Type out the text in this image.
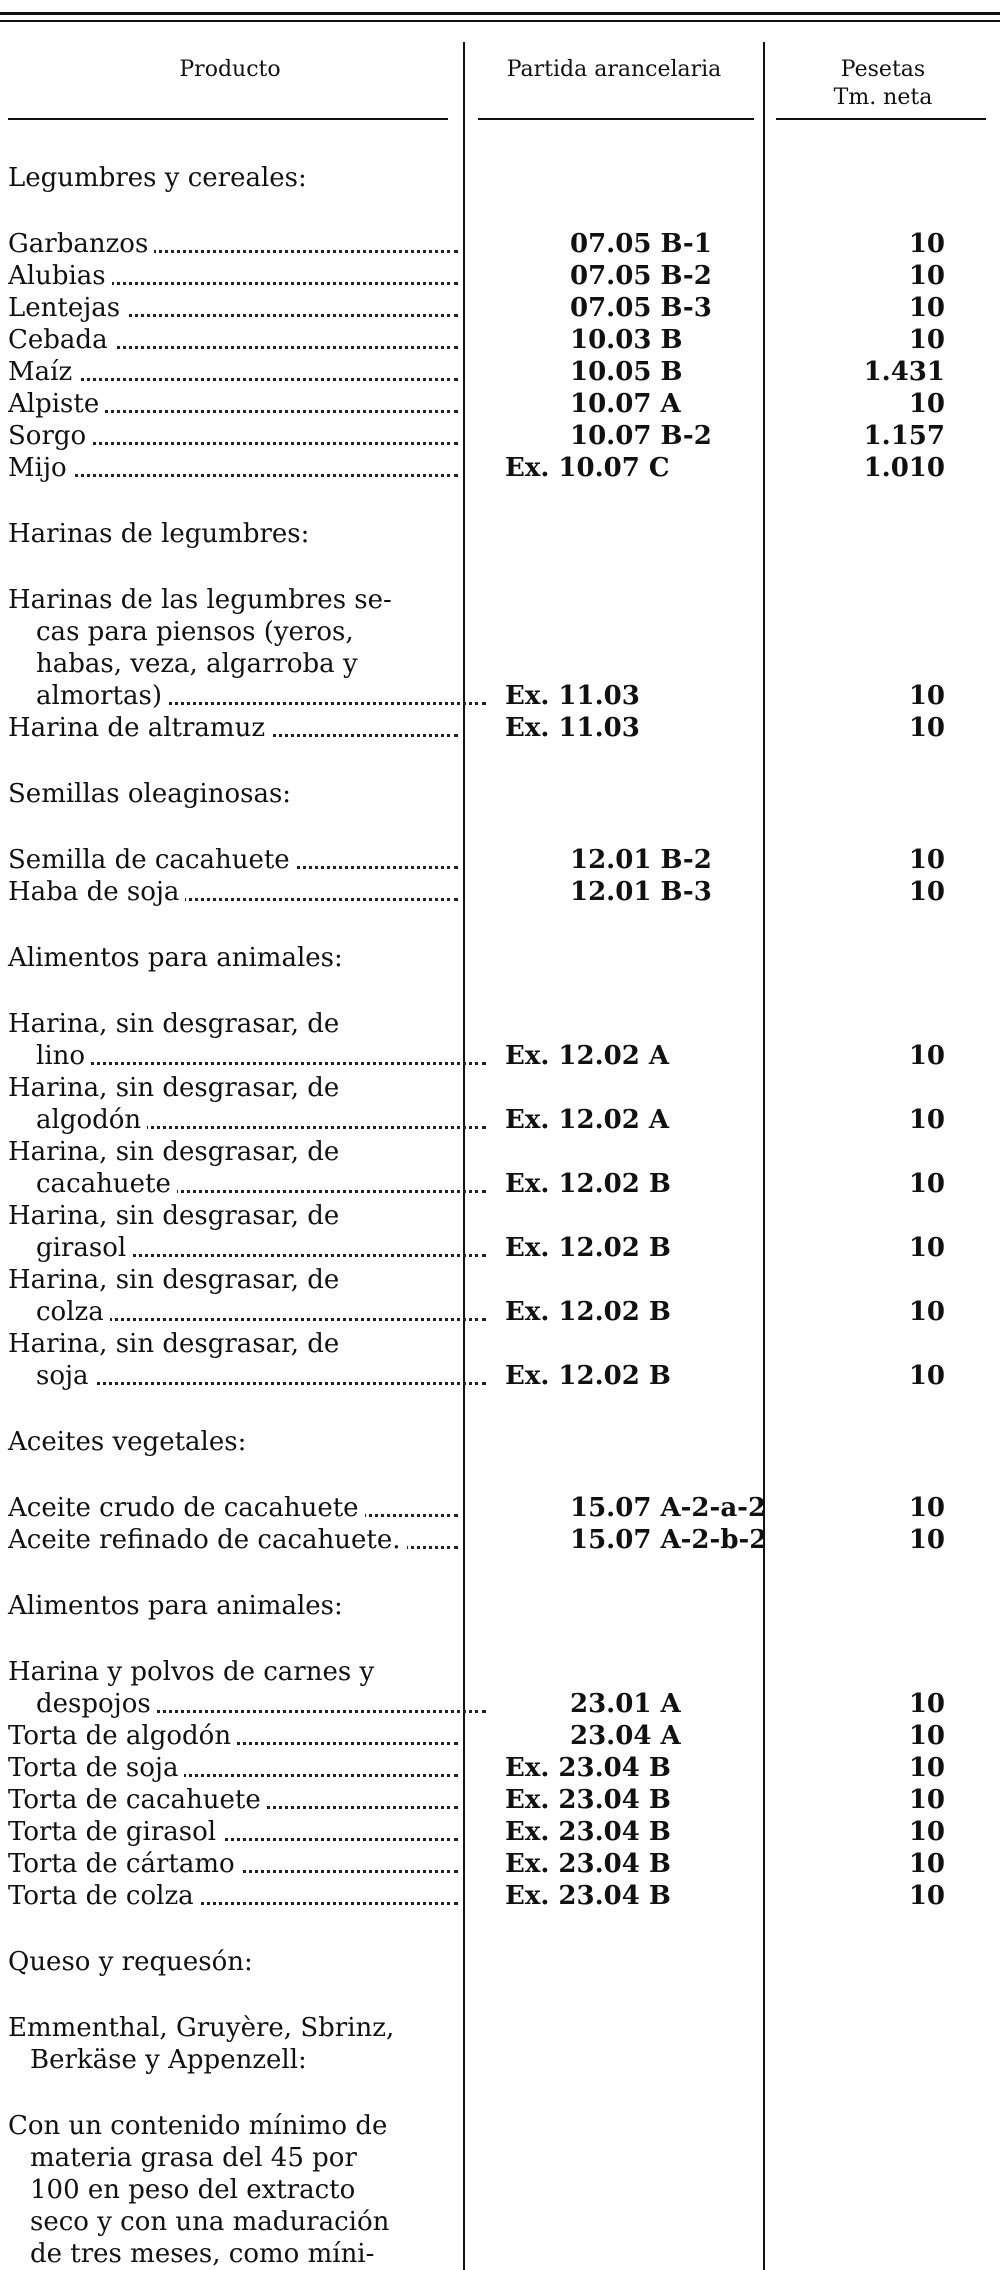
Producto	Partida arancelaria	Pesetas
Tm. neta
Legumbres y cereales:
Garbanzos	07.05 B-1	10
Alubias	07.05 B-2	10
Lentejas	07.05 B-3	10
Cebada	10.03 B	10
Maíz	10.05 B	1.431
Alpiste	10.07 A	10
Sorgo	10.07 B-2	1.157
Mijo	Ex. 10.07 C	1.010
Harinas de legumbres:
Harinas de las legumbres se-
cas para piensos (yeros,
habas, veza, algarroba y
almortas)	Ex. 11.03	10
Harina de altramuz	Ex. 11.03	10
Semillas oleaginosas:
Semilla de cacahuete	12.01 B-2	10
Haba de soja	12.01 B-3	10
Alimentos para animales:
Harina, sin desgrasar, de
lino	Ex. 12.02 A	10
Harina, sin desgrasar, de
algodón	Ex. 12.02 A	10
Harina, sin desgrasar, de
cacahuete	Ex. 12.02 B	10
Harina, sin desgrasar, de
girasol	Ex. 12.02 B	10
Harina, sin desgrasar, de
colza	Ex. 12.02 B	10
Harina, sin desgrasar, de
soja	Ex. 12.02 B	10
Aceites vegetales:
Aceite crudo de cacahuete	15.07 A-2-a-2	10
Aceite refinado de cacahuete.	15.07 A-2-b-2	10
Alimentos para animales:
Harina y polvos de carnes y
despojos	23.01 A	10
Torta de algodón	23.04 A	10
Torta de soja	Ex. 23.04 B	10
Torta de cacahuete	Ex. 23.04 B	10
Torta de girasol	Ex. 23.04 B	10
Torta de cártamo	Ex. 23.04 B	10
Torta de colza	Ex. 23.04 B	10
Queso y requesón:
Emmenthal, Gruyère, Sbrinz,
Berkäse y Appenzell:
Con un contenido mínimo de
materia grasa del 45 por
100 en peso del extracto
seco y con una maduración
de tres meses, como míni-
